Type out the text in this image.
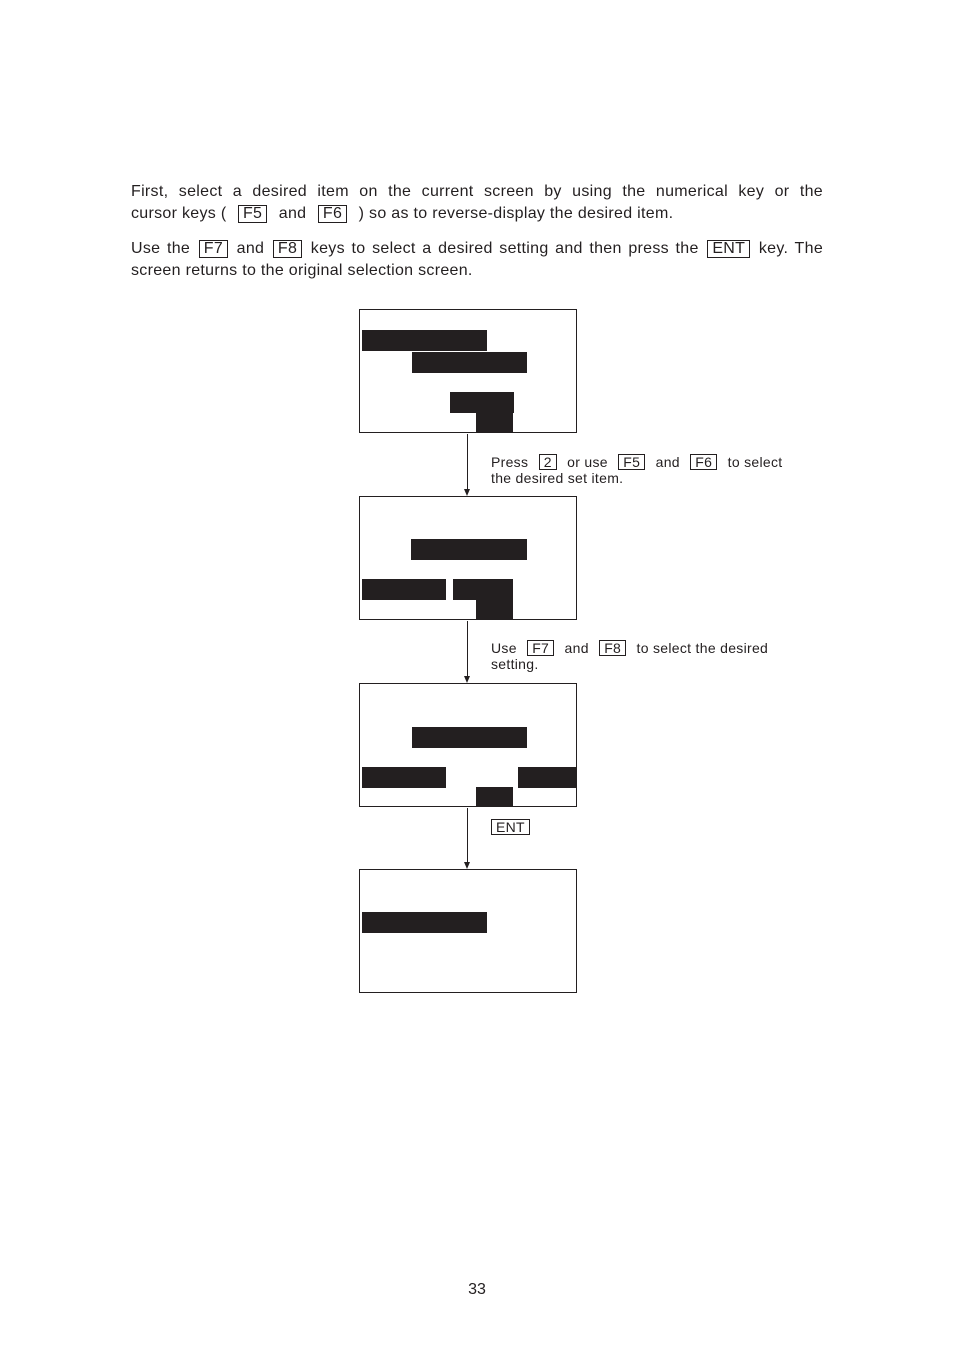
First, select a desired item on the current screen by using the numerical key or the
cursor keys ( F5 and F6 ) so as to reverse-display the desired item.
Use the F7 and F8 keys to select a desired setting and then press the ENT key. The
screen returns to the original selection screen.
Press 2 or use F5 and F6 to select
the desired set item.
Use F7 and F8 to select the desired
setting.
ENT
33
